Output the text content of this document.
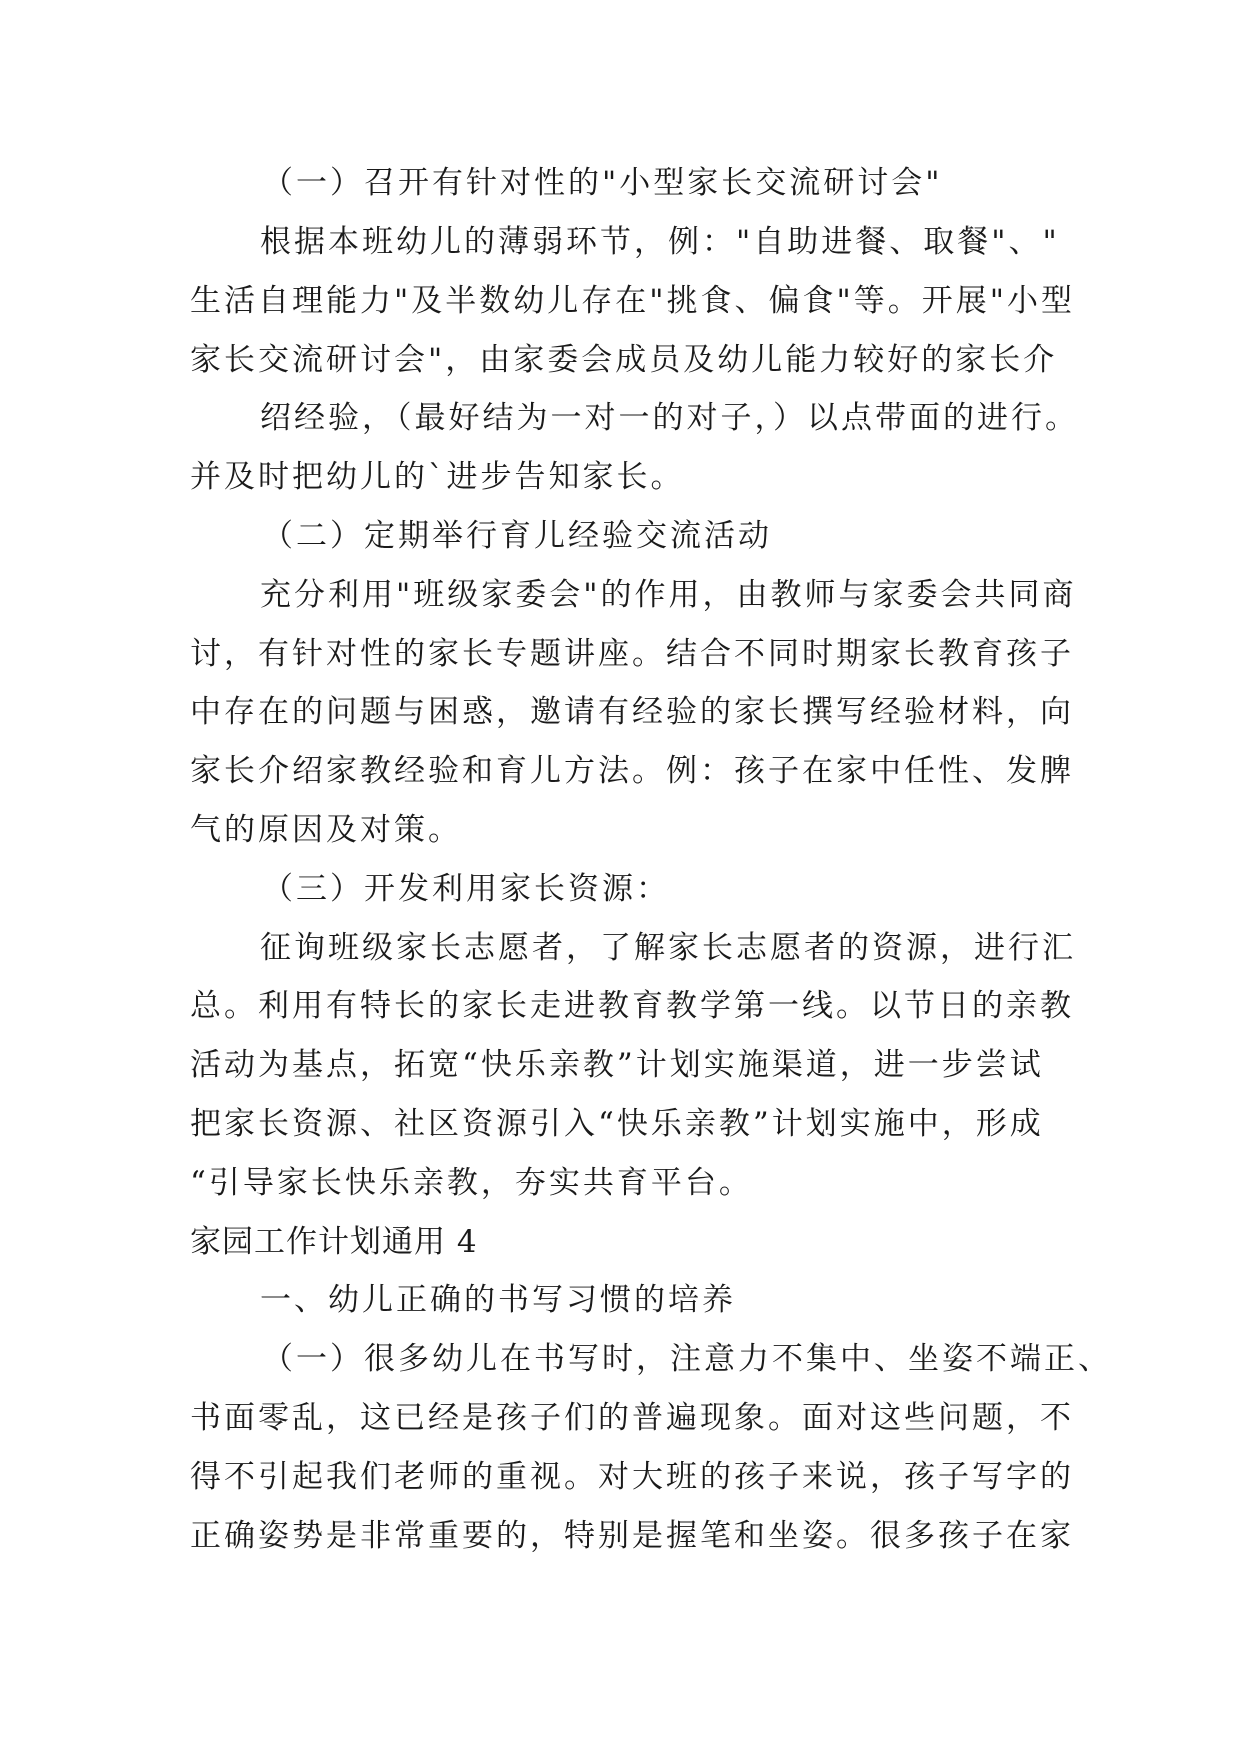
（一）召开有针对性的"小型家长交流研讨会"
根据本班幼儿的薄弱环节，例："自助进餐、取餐"、"
生活自理能力"及半数幼儿存在"挑食、偏食"等。开展"小型
家长交流研讨会"，由家委会成员及幼儿能力较好的家长介
绍经验，（最好结为一对一的对子，）以点带面的进行。
并及时把幼儿的`进步告知家长。
（二）定期举行育儿经验交流活动
充分利用"班级家委会"的作用，由教师与家委会共同商
讨，有针对性的家长专题讲座。结合不同时期家长教育孩子
中存在的问题与困惑，邀请有经验的家长撰写经验材料，向
家长介绍家教经验和育儿方法。例：孩子在家中任性、发脾
气的原因及对策。
（三）开发利用家长资源：
征询班级家长志愿者，了解家长志愿者的资源，进行汇
总。利用有特长的家长走进教育教学第一线。以节日的亲教
活动为基点，拓宽“快乐亲教”计划实施渠道，进一步尝试
把家长资源、社区资源引入“快乐亲教”计划实施中，形成
“引导家长快乐亲教，夯实共育平台。
家园工作计划通用 4
一、幼儿正确的书写习惯的培养
（一）很多幼儿在书写时，注意力不集中、坐姿不端正、
书面零乱，这已经是孩子们的普遍现象。面对这些问题，不
得不引起我们老师的重视。对大班的孩子来说，孩子写字的
正确姿势是非常重要的，特别是握笔和坐姿。很多孩子在家
